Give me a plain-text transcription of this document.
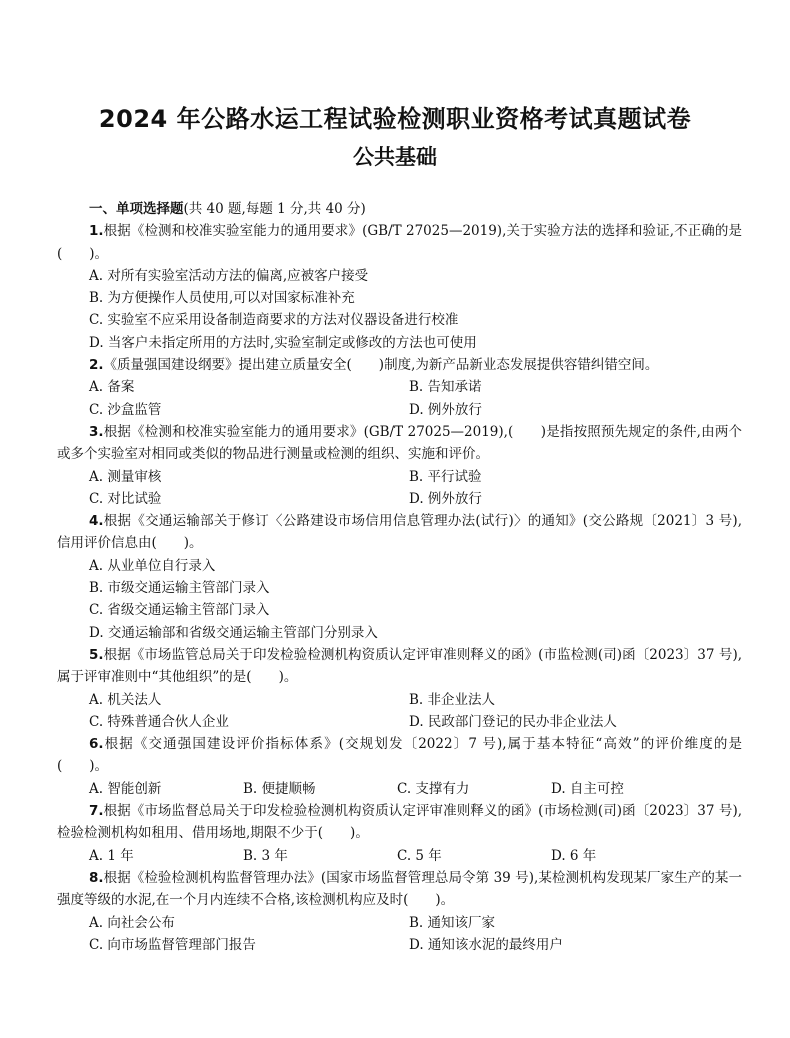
2024 年公路水运工程试验检测职业资格考试真题试卷
公共基础

一、单项选择题(共 40 题,每题 1 分,共 40 分)

1.根据《检测和校准实验室能力的通用要求》(GB/T 27025—2019),关于实验方法的选择和验证,不正确的是(　　)。

A. 对所有实验室活动方法的偏离,应被客户接受

B. 为方便操作人员使用,可以对国家标准补充

C. 实验室不应采用设备制造商要求的方法对仪器设备进行校准

D. 当客户未指定所用的方法时,实验室制定或修改的方法也可使用

2.《质量强国建设纲要》提出建立质量安全(　　)制度,为新产品新业态发展提供容错纠错空间。

A. 备案	B. 告知承诺
C. 沙盒监管	D. 例外放行

3.根据《检测和校准实验室能力的通用要求》(GB/T 27025—2019),(　　)是指按照预先规定的条件,由两个或多个实验室对相同或类似的物品进行测量或检测的组织、实施和评价。

A. 测量审核	B. 平行试验
C. 对比试验	D. 例外放行

4.根据《交通运输部关于修订〈公路建设市场信用信息管理办法(试行)〉的通知》(交公路规〔2021〕3 号),信用评价信息由(　　)。

A. 从业单位自行录入

B. 市级交通运输主管部门录入

C. 省级交通运输主管部门录入

D. 交通运输部和省级交通运输主管部门分别录入

5.根据《市场监管总局关于印发检验检测机构资质认定评审准则释义的函》(市监检测(司)函〔2023〕37 号),属于评审准则中“其他组织”的是(　　)。

A. 机关法人	B. 非企业法人
C. 特殊普通合伙人企业	D. 民政部门登记的民办非企业法人

6.根据《交通强国建设评价指标体系》(交规划发〔2022〕7 号),属于基本特征“高效”的评价维度的是(　　)。

A. 智能创新	B. 便捷顺畅	C. 支撑有力	D. 自主可控

7.根据《市场监督总局关于印发检验检测机构资质认定评审准则释义的函》(市场检测(司)函〔2023〕37 号),检验检测机构如租用、借用场地,期限不少于(　　)。

A. 1 年	B. 3 年	C. 5 年	D. 6 年

8.根据《检验检测机构监督管理办法》(国家市场监督管理总局令第 39 号),某检测机构发现某厂家生产的某一强度等级的水泥,在一个月内连续不合格,该检测机构应及时(　　)。

A. 向社会公布	B. 通知该厂家
C. 向市场监督管理部门报告	D. 通知该水泥的最终用户
